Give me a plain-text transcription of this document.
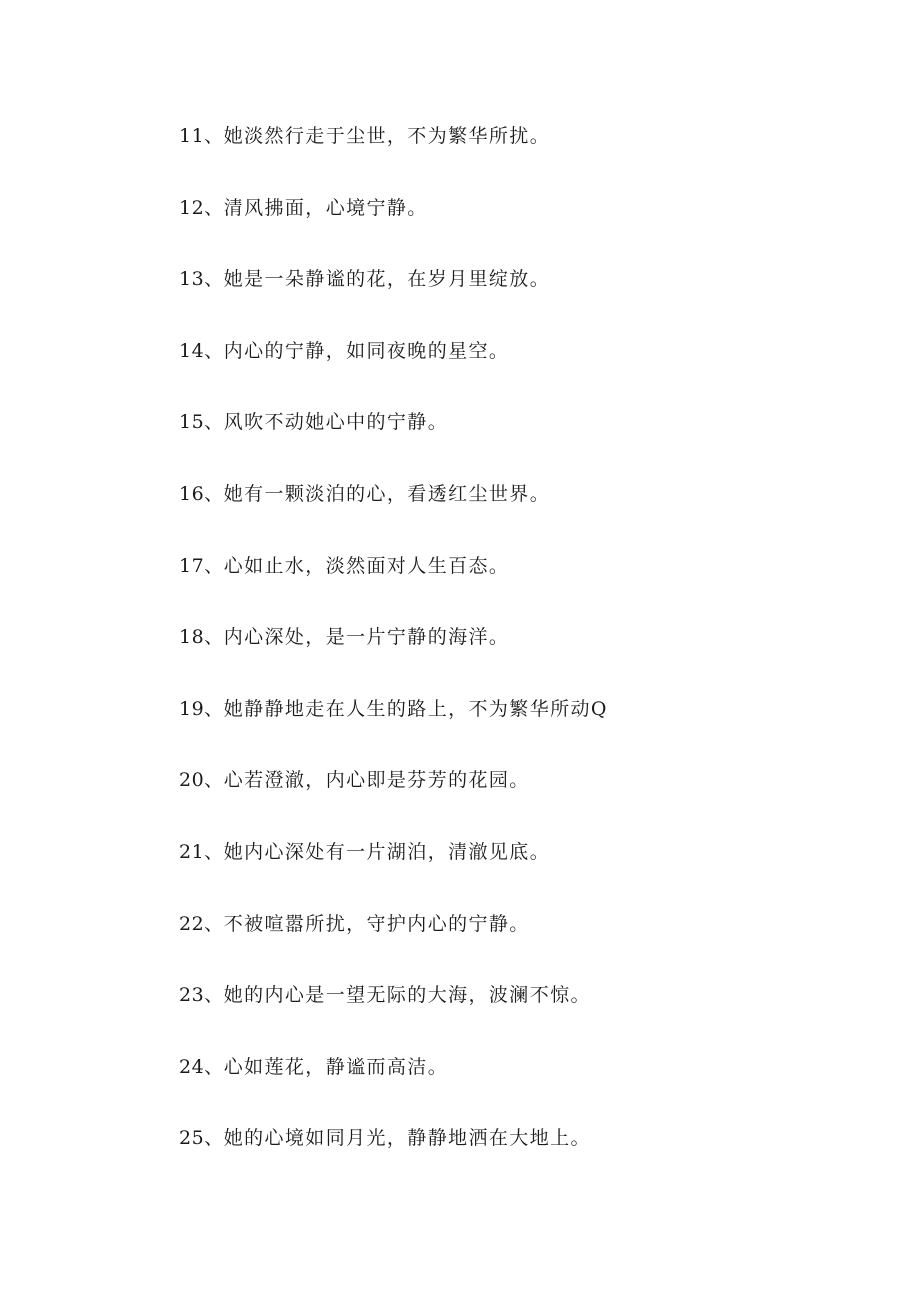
11、她淡然行走于尘世，不为繁华所扰。
12、清风拂面，心境宁静。
13、她是一朵静谧的花，在岁月里绽放。
14、内心的宁静，如同夜晚的星空。
15、风吹不动她心中的宁静。
16、她有一颗淡泊的心，看透红尘世界。
17、心如止水，淡然面对人生百态。
18、内心深处，是一片宁静的海洋。
19、她静静地走在人生的路上，不为繁华所动Q
20、心若澄澈，内心即是芬芳的花园。
21、她内心深处有一片湖泊，清澈见底。
22、不被喧嚣所扰，守护内心的宁静。
23、她的内心是一望无际的大海，波澜不惊。
24、心如莲花，静谧而高洁。
25、她的心境如同月光，静静地洒在大地上。
